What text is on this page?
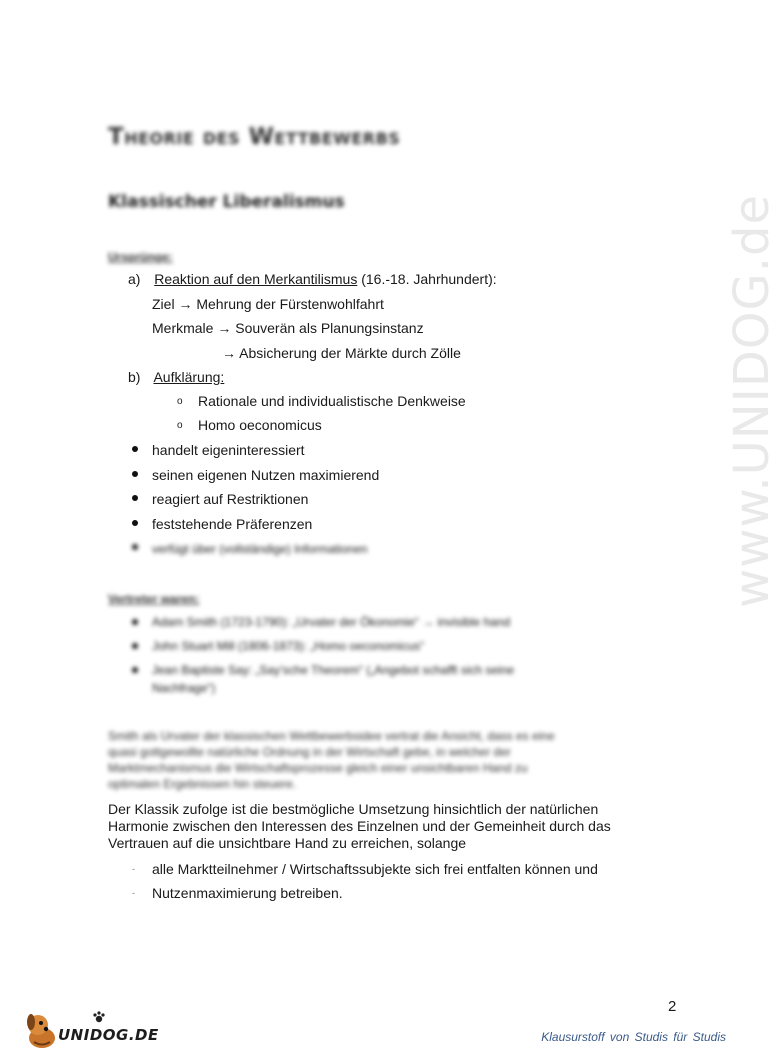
www.UNIDOG.de
Theorie des Wettbewerbs
Klassischer Liberalismus
Ursprünge:
a) Reaktion auf den Merkantilismus (16.-18. Jahrhundert):
Ziel → Mehrung der Fürstenwohlfahrt
Merkmale → Souverän als Planungsinstanz
→ Absicherung der Märkte durch Zölle
b) Aufklärung:
o Rationale und individualistische Denkweise
o Homo oeconomicus
handelt eigeninteressiert
seinen eigenen Nutzen maximierend
reagiert auf Restriktionen
feststehende Präferenzen
verfügt über (vollständige) Informationen
Vertreter waren:
Adam Smith (1723-1790): „Urvater der Ökonomie“ → invisible hand
John Stuart Mill (1806-1873): „Homo oeconomicus“
Jean Baptiste Say: „Say’sche Theorem“ („Angebot schafft sich seine
Nachfrage“)
Smith als Urvater der klassischen Wettbewerbsidee vertrat die Ansicht, dass es eine
quasi gottgewollte natürliche Ordnung in der Wirtschaft gebe, in welcher der
Marktmechanismus die Wirtschaftsprozesse gleich einer unsichtbaren Hand zu
optimalen Ergebnissen hin steuere.
Der Klassik zufolge ist die bestmögliche Umsetzung hinsichtlich der natürlichen
Harmonie zwischen den Interessen des Einzelnen und der Gemeinheit durch das
Vertrauen auf die unsichtbare Hand zu erreichen, solange
- alle Marktteilnehmer / Wirtschaftssubjekte sich frei entfalten können und
- Nutzenmaximierung betreiben.
2
UNIDOG.DE	Klausurstoff von Studis für Studis
